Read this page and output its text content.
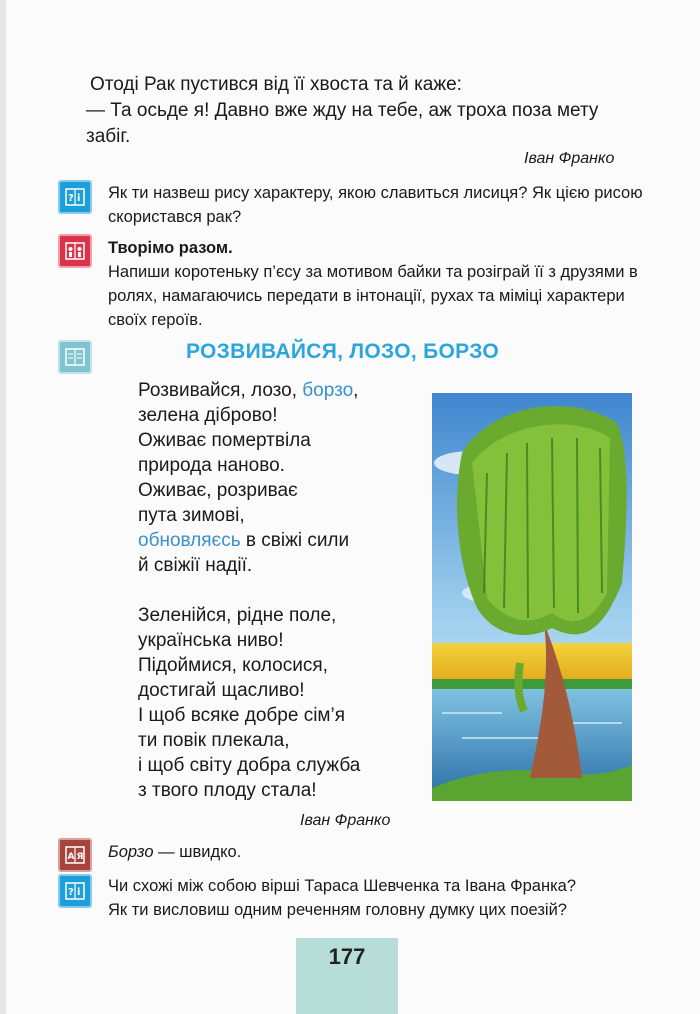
Отоді Рак пустився від її хвоста та й каже:

— Та осьде я! Давно вже жду на тебе, аж троха поза мету забіг.

Іван Франко
? i Як ти назвеш рису характеру, якою славиться лисиця? Як цією рисою скористався рак?

Творімо разом.

Напиши коротеньку п’єсу за мотивом байки та розіграй її з друзями в ролях, намагаючись передати в інтонації, рухах та міміці характери своїх героїв.

РОЗВИВАЙСЯ, ЛОЗО, БОРЗО
Розвивайся, лозо, борзо,
зелена діброво!
Оживає помертвіла
природа наново.
Оживає, розриває
пута зимові,
обновляєсь в свіжі сили
й свіжії надії.
Зеленійся, рідне поле,
українська ниво!
Підоймися, колосися,
достигай щасливо!
І щоб всяке добре сім’я
ти повік плекала,
і щоб світу добра служба
з твого плоду стала!
Іван Франко
A Я Борзо — швидко.

? i Чи схожі між собою вірші Тараса Шевченка та Івана Франка?

Як ти висловиш одним реченням головну думку цих поезій?

177
